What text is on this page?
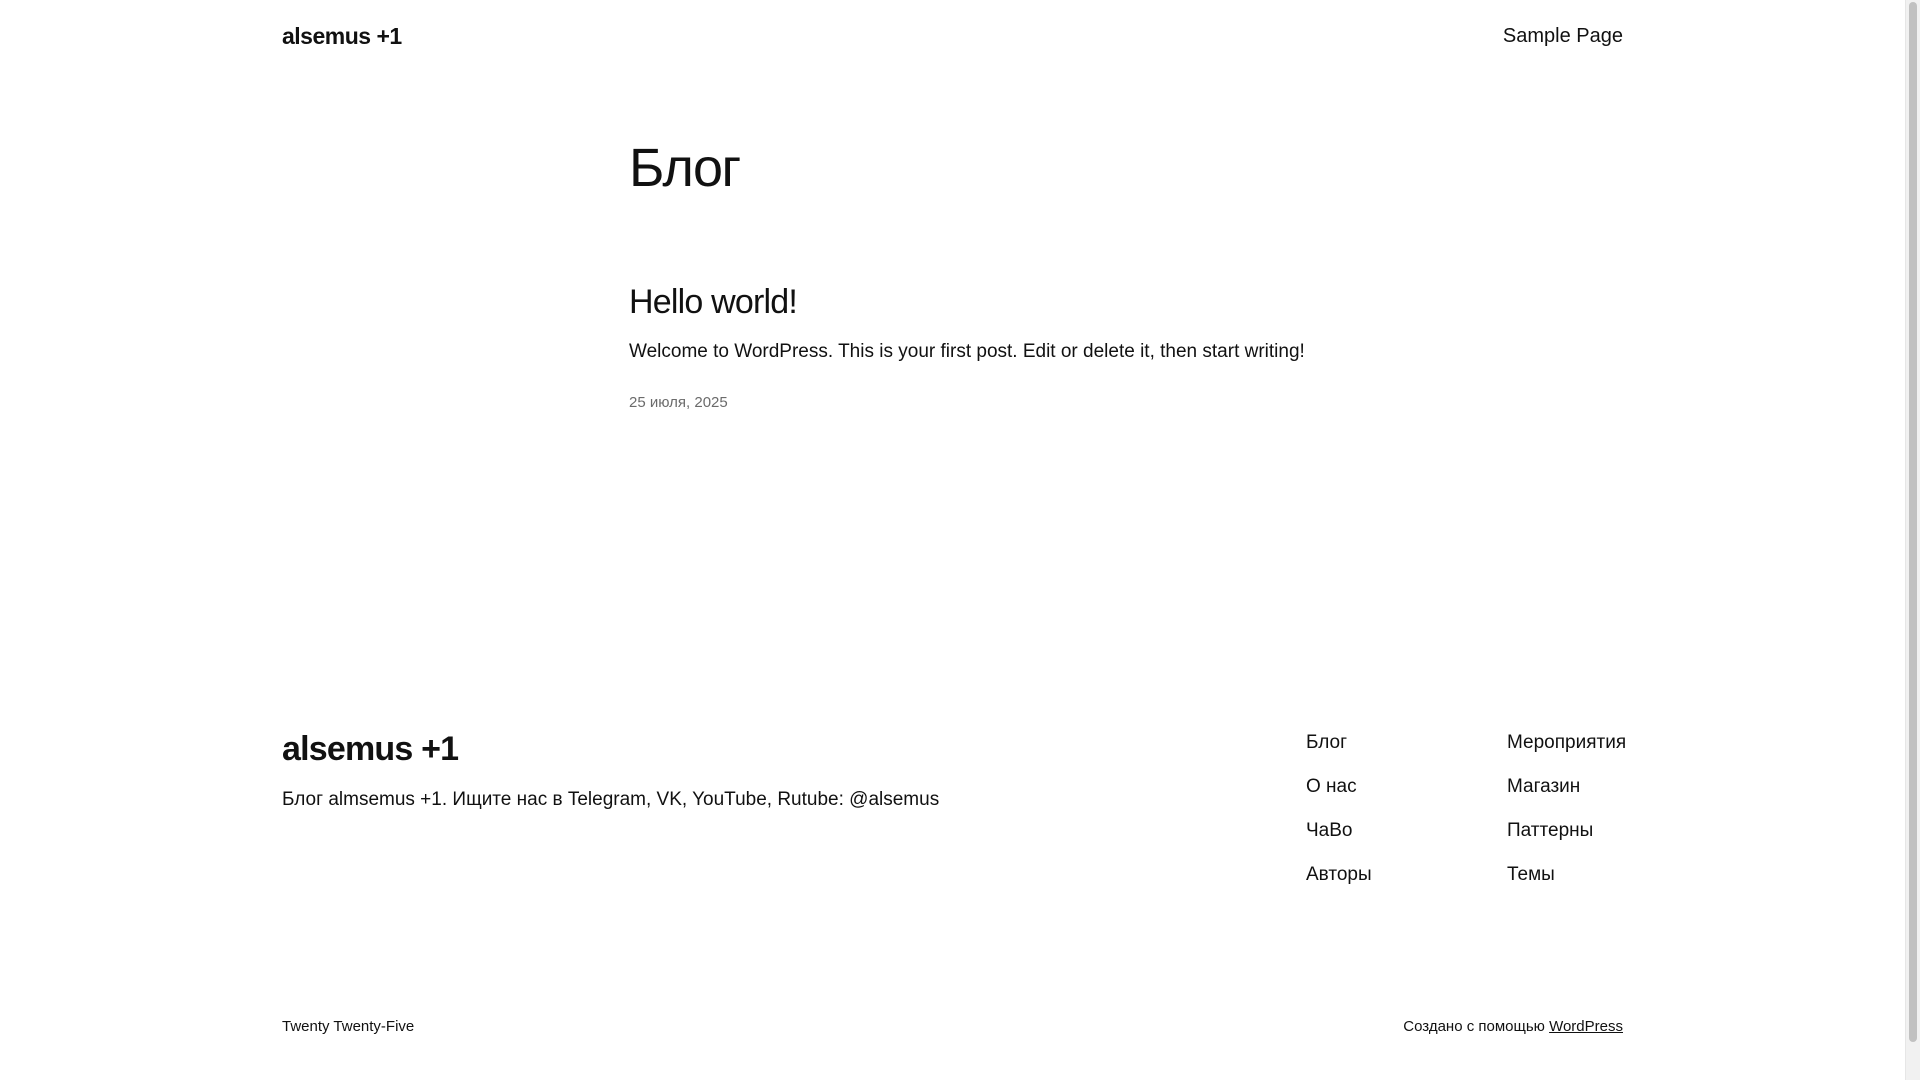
alsemus +1	Sample Page
Блог
Hello world!

Welcome to WordPress. This is your first post. Edit or delete it, then start writing!

25 июля, 2025
alsemus +1

Блог almsemus +1. Ищите нас в Telegram, VK, YouTube, Rutube: @alsemus

Блог
О нас
ЧаВо
Авторы
Мероприятия
Магазин
Паттерны
Темы
Twenty Twenty-Five	Создано с помощью WordPress
